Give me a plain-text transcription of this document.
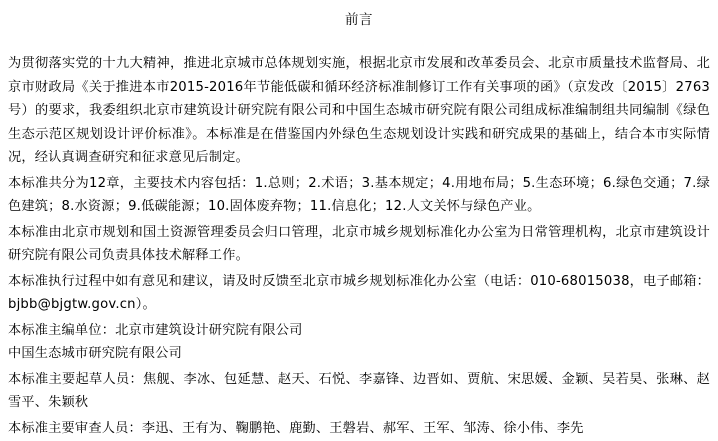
前言

为贯彻落实党的十九大精神，推进北京城市总体规划实施，根据北京市发展和改革委员会、北京市质量技术监督局、北京市财政局《关于推进本市2015-2016年节能低碳和循环经济标准制修订工作有关事项的函》（京发改〔2015〕2763号）的要求，我委组织北京市建筑设计研究院有限公司和中国生态城市研究院有限公司组成标准编制组共同编制《绿色生态示范区规划设计评价标准》。本标准是在借鉴国内外绿色生态规划设计实践和研究成果的基础上，结合本市实际情况，经认真调查研究和征求意见后制定。

本标准共分为12章，主要技术内容包括：1.总则；2.术语；3.基本规定；4.用地布局；5.生态环境；6.绿色交通；7.绿色建筑；8.水资源；9.低碳能源；10.固体废弃物；11.信息化；12.人文关怀与绿色产业。

本标准由北京市规划和国土资源管理委员会归口管理，北京市城乡规划标准化办公室为日常管理机构，北京市建筑设计研究院有限公司负责具体技术解释工作。

本标准执行过程中如有意见和建议，请及时反馈至北京市城乡规划标准化办公室（电话：010-68015038，电子邮箱：bjbb@bjgtw.gov.cn）。

本标准主编单位：北京市建筑设计研究院有限公司

中国生态城市研究院有限公司

本标准主要起草人员：焦舰、李冰、包延慧、赵天、石悦、李嘉锋、边晋如、贾航、宋思媛、金颖、吴若昊、张琳、赵雪平、朱颖秋

本标准主要审查人员：李迅、王有为、鞠鹏艳、鹿勤、王磐岩、郝军、王军、邹涛、徐小伟、李先
